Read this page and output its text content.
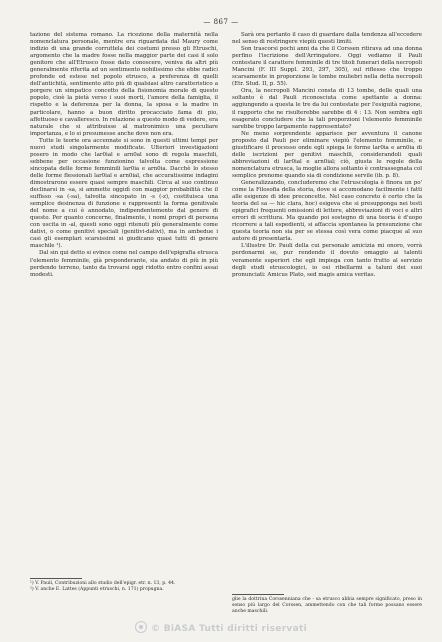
— 867 —

tazione del sistema romano. La ricezione della maternità nella nomenclatura personale, mentre era riguardata dal Maury come indizio di una grande corruttela dei costumi presso gli Etruschi, argomento che la madre fosse nella maggior parte dei casi il solo genitore che all'Etrusco fosse dato conoscere, veniva da altri più generalmente riferita ad un sentimento nobilissimo che ebbe radici profonde ed estese nel popolo etrusco, a preferenza di quelli dell'antichità, sentimento atto più di qualsiasi altro caratteristico a porgere un simpatico concetto della fisionomia morale di questo popolo, cioè la pietà verso i suoi morti, l'amore della famiglia, il rispetto e la deferenza per la donna, la sposa e la madre in particolare, hanno a buon diritto procacciato fama di pio, affettuoso e cavalleresco. In relazione a questo modo di vedere, era naturale che si attribuisse al matronimico una peculiare importanza, e lo si presumesse anche dove non era.

Tutte le teorie ora accennate si sono in questi ultimi tempi per nuovi studi singolarmente modificate. Ulteriori investigazioni posero in modo che lar0ial e arn0al sono di regola maschili, sebbene per occasione funzionino talvolta come espressione sincopata delle forme femminili lar0ia e arn0ia. Dacchè lo stesso delle forme flessionali lar0ial e arn0ial, che accuratissime indagini dimostrarono essere quasi sempre maschili. Circa al suo continuo declinarsi in -sa, si ammette oggidì con maggior probabilità che il suffisso -sa (-sa), talvolta sincopato in -s (-z), costituisca una semplice desinenza di funzione e rappresenti la forma genitivale del nome a cui è annodato, indipendentemente dal genere di questo. Per quanto concerne, finalmente, i nomi propri di persona con uscita in -al, questi sono oggi ritenuti più generalmente come dativi, o come genitivi speciali (genitivi-dativi), ma in ambedue i casi gli esemplari scarsissimi si giudicano quasi tutti di genere maschile ¹).

Dal sin qui detto si evince come nel campo dell'epigrafia etrusca l'elemento femminile, già preponderante, sia andato di più in più perdendo terreno, tanto da trovarsi oggi ridotto entro confini assai modesti.

Sarà ora pertanto il caso di guardare dalla tendenza all'eccedere nel senso di restringere viepiù questi limiti.

Son trascorsi pochi anni da che il Corssen ritirava ad una donna perfino l'iscrizione dell'Arringatore. Oggi vediamo il Pauli contestare il carattere femminile di tre titoli funerari della necropoli Mancini (F. III Suppl. 293, 297, 305), sul riflesso che troppo scarsamente in proporzione le tombe muliebri nella detta necropoli (Etr. Stud. II, p. 55).

Ora, la necropoli Mancini consta di 13 tombe, delle quali una soltanto è dal Pauli riconosciuta come spettante a donna: aggiungendo a questa le tre da lui contestate per l'esiguità ragione, il rapporto che ne risulterebbe sarebbe di 4 : 13. Non sembra egli esagerato concludere che la tali proporzioni l'elemento femminile sarebbe troppo largamente rappresentato?

Ne meno sorprendente apparisce per avventura il canone proposto dal Pauli per eliminare viepiù l'elemento femminile, e giustificare il processo onde egli spiega le forme lar0ia e arn0ia di delle iscrizioni per genitivi maschili, considerandoli quali abbreviazioni di lar0ial e arn0ial; ciò, giusta le regole della nomenclatura etrusca, la moglie allora soltanto è contrassegnata col semplice prenome quando sia di condizione servile (ib. p. 8).

Generalizzando, concluderemo che l'etruscologia è finora un po' come la Filosofia della storia, dove si accomodano facilmente i fatti alle esigenze di idee preconcette. Nel caso concreto è certo che la teoria del sa — hic clara, hoc) esigeva che si presupponga nei testi epigrafici frequenti omissioni di lettere, abbreviazioni di voci e altri errori di scrittura. Ma quando poi sostegno di una teoria è d'uopo ricorrere a tali espedienti, si affaccia spontanea la presunzione che questa teoria non sia per se stessa così vera come piacque al suo autore di presentarla.

L'illustre Dr. Pauli della cui personale amicizia mi onoro, vorrà perdonarmi se, pur rendendo il dovuto omaggio ai talenti veramente superiori che egli impiega con tanto frutto al servizio degli studi etruscologici, io osi ribellarmi a taluni dei suoi pronunciati: Amicus Plato, sed magis amica veritas.

¹) V. Pauli, Contribuzioni allo studio dell'epigr. etr. n. 13, p. 44.

²) V. anche E. Lattes (Appunti etruschi, n. 171) propugna.

glie la dottrina Corssenniana che - sa etrusco abbia sempre significato, preso in senso più largo del Corssen, ammettendo con che tali forme possano essere anche maschili.

© BiASA Tutti diritti riservati
